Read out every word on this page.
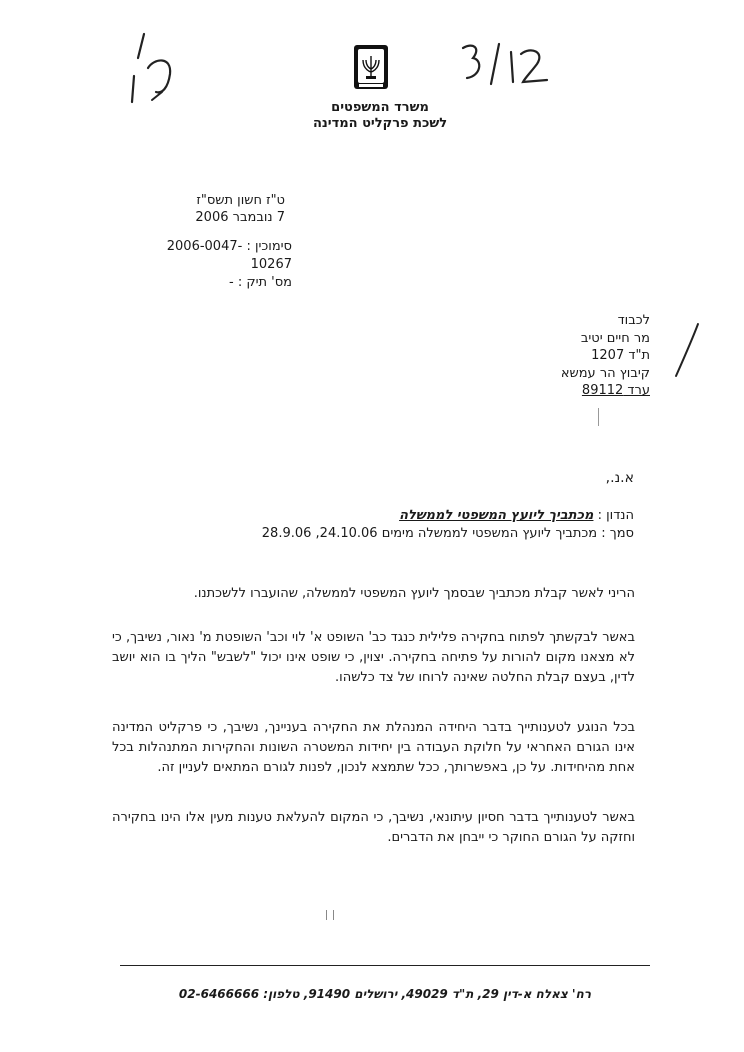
משרד המשפטים
לשכת פרקליט המדינה
ט"ז חשון תשס"ז
7 נובמבר 2006
סימוכין : 2006-0047-10267
מס' תיק : -
לכבוד
מר חיים יטיב
ת"ד 1207
קיבוץ הר עמשא
ערד 89112
א.נ.,
הנדון : מכתביך ליועץ המשפטי לממשלה
סמך : מכתביך ליועץ המשפטי לממשלה מימים 24.10.06, 28.9.06
הריני לאשר קבלת מכתביך שבסמך ליועץ המשפטי לממשלה, שהועברו ללשכתנו.
באשר לבקשתך לפתוח בחקירה פלילית כנגד כב' השופט א' לוי וכב' השופטת מ' נאור, נשיבך, כי לא מצאנו מקום להורות על פתיחה בחקירה. יצוין, כי שופט אינו יכול "לשבש" הליך בו הוא יושב לדין, בעצם קבלת החלטה שאינה לרוחו של צד כלשהו.
בכל הנוגע לטענותייך בדבר היחידה המנהלת את החקירה בעניינך, נשיבך, כי פרקליט המדינה אינו הגורם האחראי על חלוקת העבודה בין יחידות המשטרה השונות והחקירות המתנהלות בכל אחת מהיחידות. על כן, באפשרותך, ככל שתמצא לנכון, לפנות לגורם המתאים לעניין זה.
באשר לטענותייך בדבר חסיון עיתונאי, נשיבך, כי המקום להעלאת טענות מעין אלו הינו בחקירה וחזקה על הגורם החוקר כי ייבחן את הדברים.
רח' צאלח א-דין 29, ת"ד 49029, ירושלים 91490, טלפון: 02-6466666
